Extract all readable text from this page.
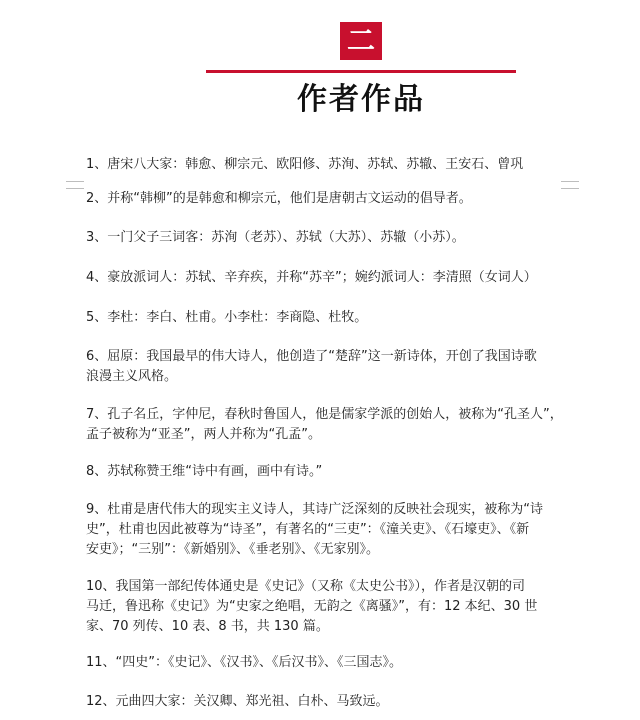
二
作者作品
1、唐宋八大家：韩愈、柳宗元、欧阳修、苏洵、苏轼、苏辙、王安石、曾巩
2、并称“韩柳”的是韩愈和柳宗元，他们是唐朝古文运动的倡导者。
3、一门父子三词客：苏洵（老苏）、苏轼（大苏）、苏辙（小苏）。
4、豪放派词人：苏轼、辛弃疾，并称“苏辛”；婉约派词人：李清照（女词人）
5、李杜：李白、杜甫。小李杜：李商隐、杜牧。
6、屈原：我国最早的伟大诗人，他创造了“楚辞”这一新诗体，开创了我国诗歌
浪漫主义风格。
7、孔子名丘，字仲尼，春秋时鲁国人，他是儒家学派的创始人，被称为“孔圣人”，
孟子被称为“亚圣”，两人并称为“孔孟”。
8、苏轼称赞王维“诗中有画，画中有诗。”
9、杜甫是唐代伟大的现实主义诗人，其诗广泛深刻的反映社会现实，被称为“诗
史”，杜甫也因此被尊为“诗圣”，有著名的“三吏”：《潼关吏》、《石壕吏》、《新
安吏》；“三别”：《新婚别》、《垂老别》、《无家别》。
10、我国第一部纪传体通史是《史记》（又称《太史公书》），作者是汉朝的司
马迁，鲁迅称《史记》为“史家之绝唱，无韵之《离骚》”，有：12 本纪、30 世
家、70 列传、10 表、8 书，共 130 篇。
11、“四史”：《史记》、《汉书》、《后汉书》、《三国志》。
12、元曲四大家：关汉卿、郑光祖、白朴、马致远。
